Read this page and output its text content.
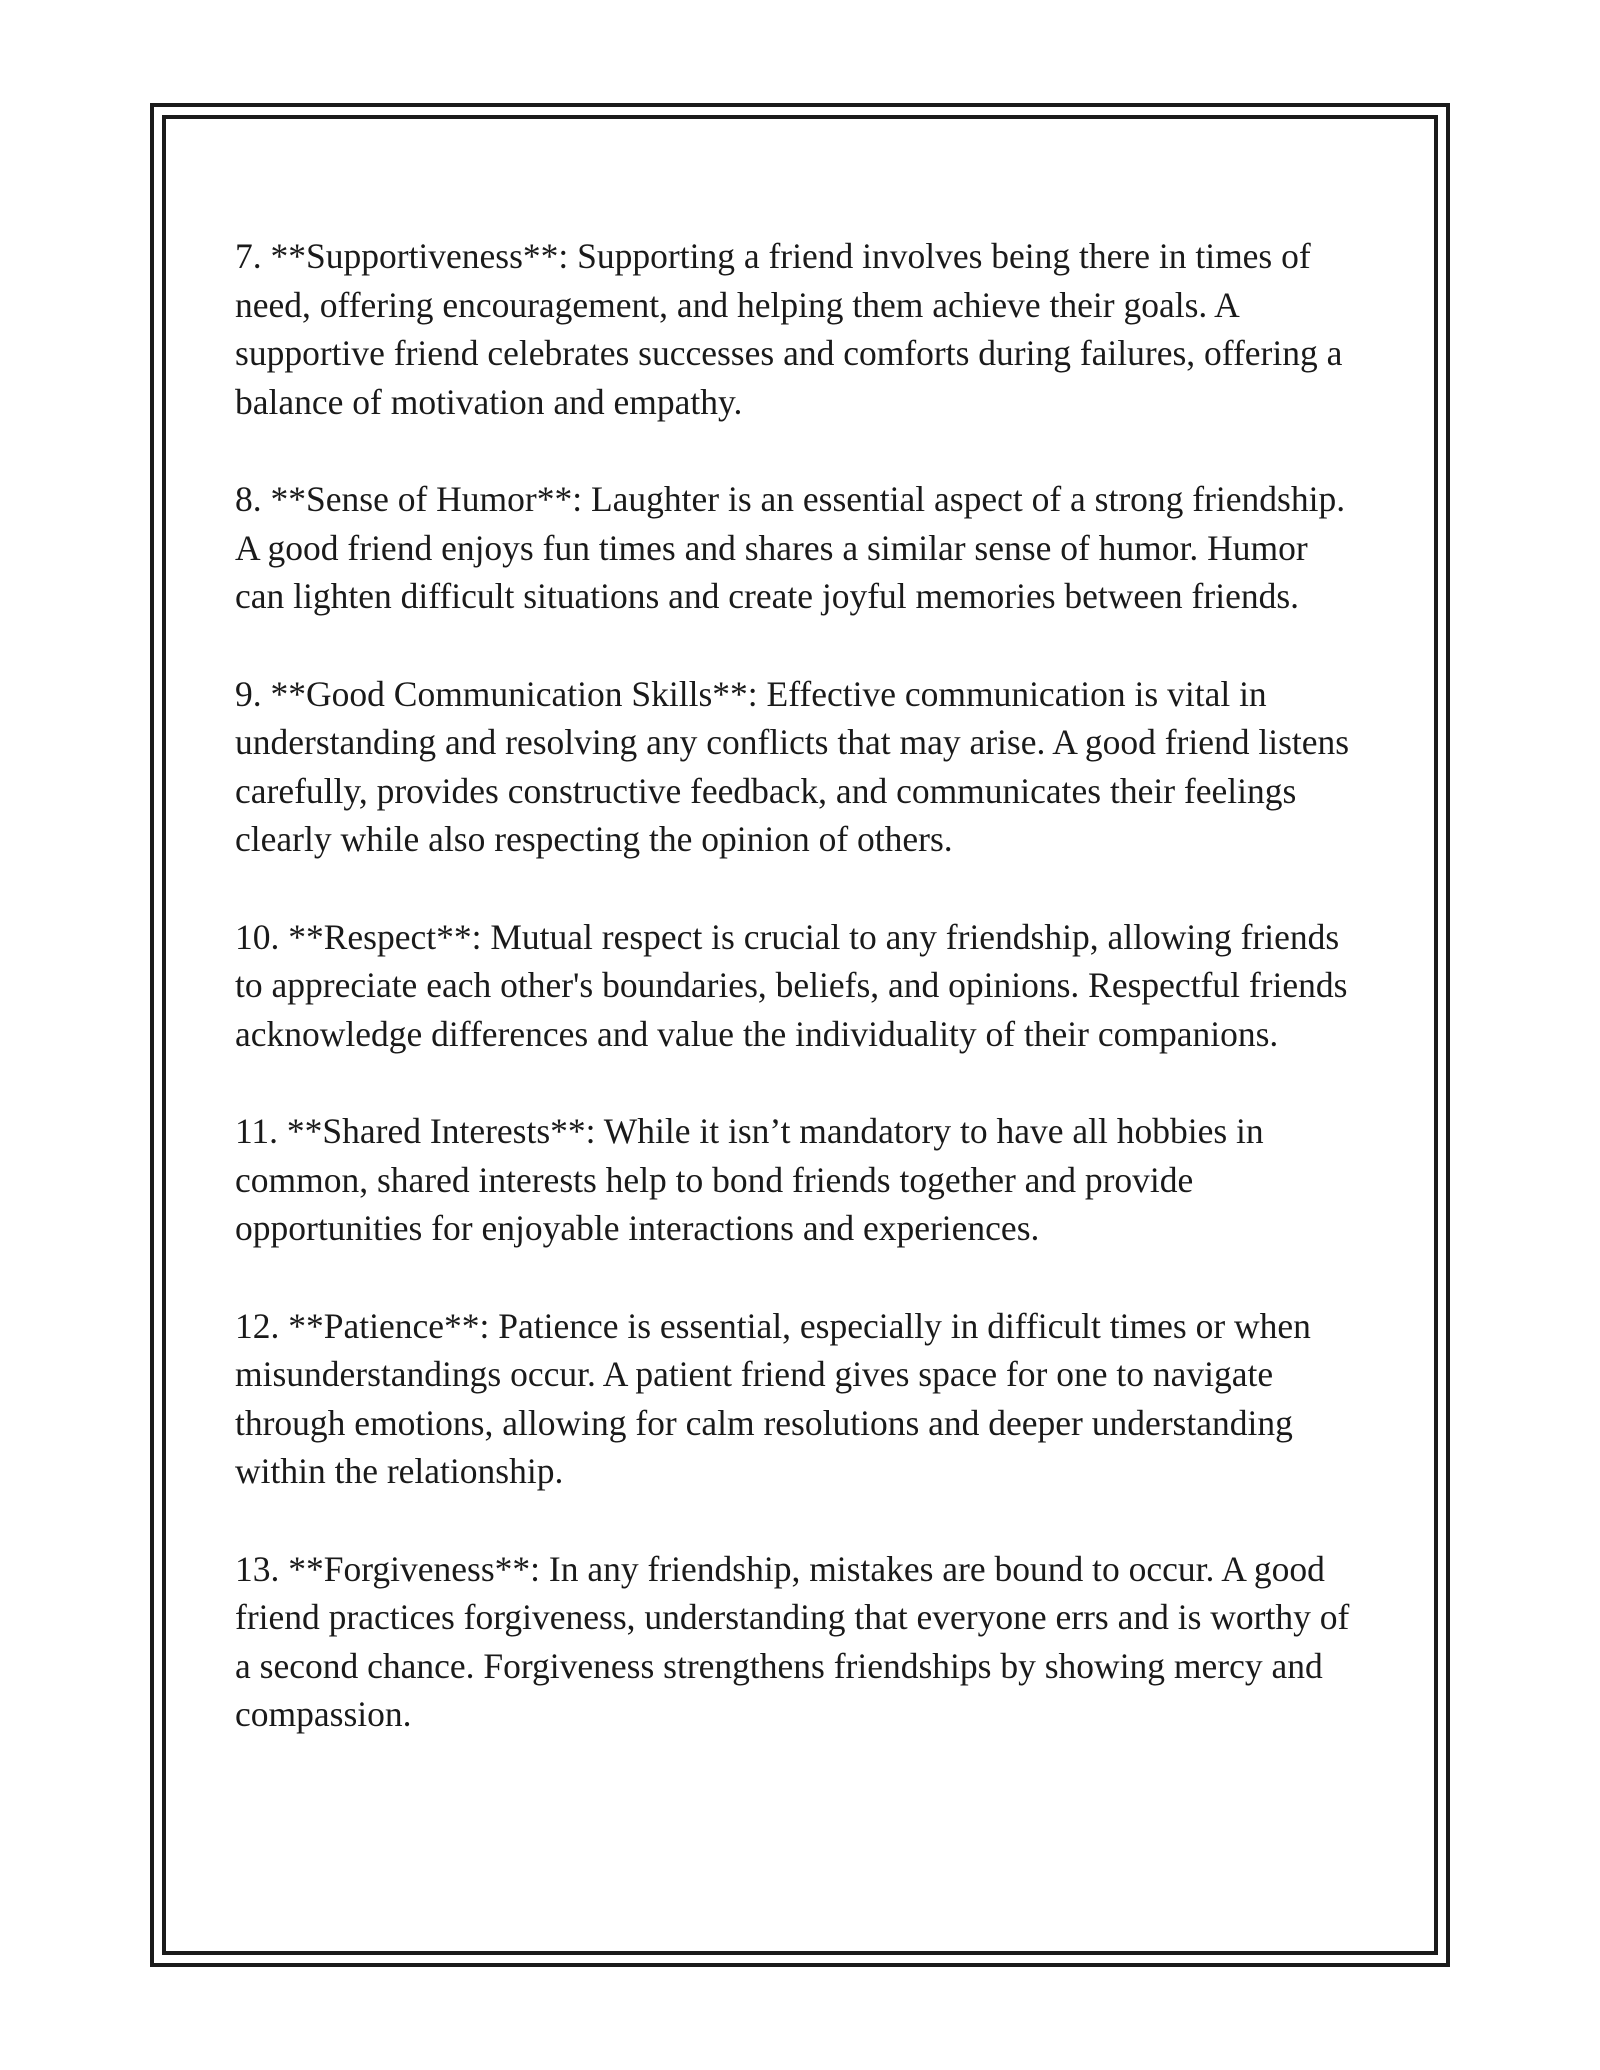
7. **Supportiveness**: Supporting a friend involves being there in times of need, offering encouragement, and helping them achieve their goals. A supportive friend celebrates successes and comforts during failures, offering a balance of motivation and empathy.

8. **Sense of Humor**: Laughter is an essential aspect of a strong friendship. A good friend enjoys fun times and shares a similar sense of humor. Humor can lighten difficult situations and create joyful memories between friends.

9. **Good Communication Skills**: Effective communication is vital in understanding and resolving any conflicts that may arise. A good friend listens carefully, provides constructive feedback, and communicates their feelings clearly while also respecting the opinion of others.

10. **Respect**: Mutual respect is crucial to any friendship, allowing friends to appreciate each other's boundaries, beliefs, and opinions. Respectful friends acknowledge differences and value the individuality of their companions.

11. **Shared Interests**: While it isn’t mandatory to have all hobbies in common, shared interests help to bond friends together and provide opportunities for enjoyable interactions and experiences.

12. **Patience**: Patience is essential, especially in difficult times or when misunderstandings occur. A patient friend gives space for one to navigate through emotions, allowing for calm resolutions and deeper understanding within the relationship.

13. **Forgiveness**: In any friendship, mistakes are bound to occur. A good friend practices forgiveness, understanding that everyone errs and is worthy of a second chance. Forgiveness strengthens friendships by showing mercy and compassion.
